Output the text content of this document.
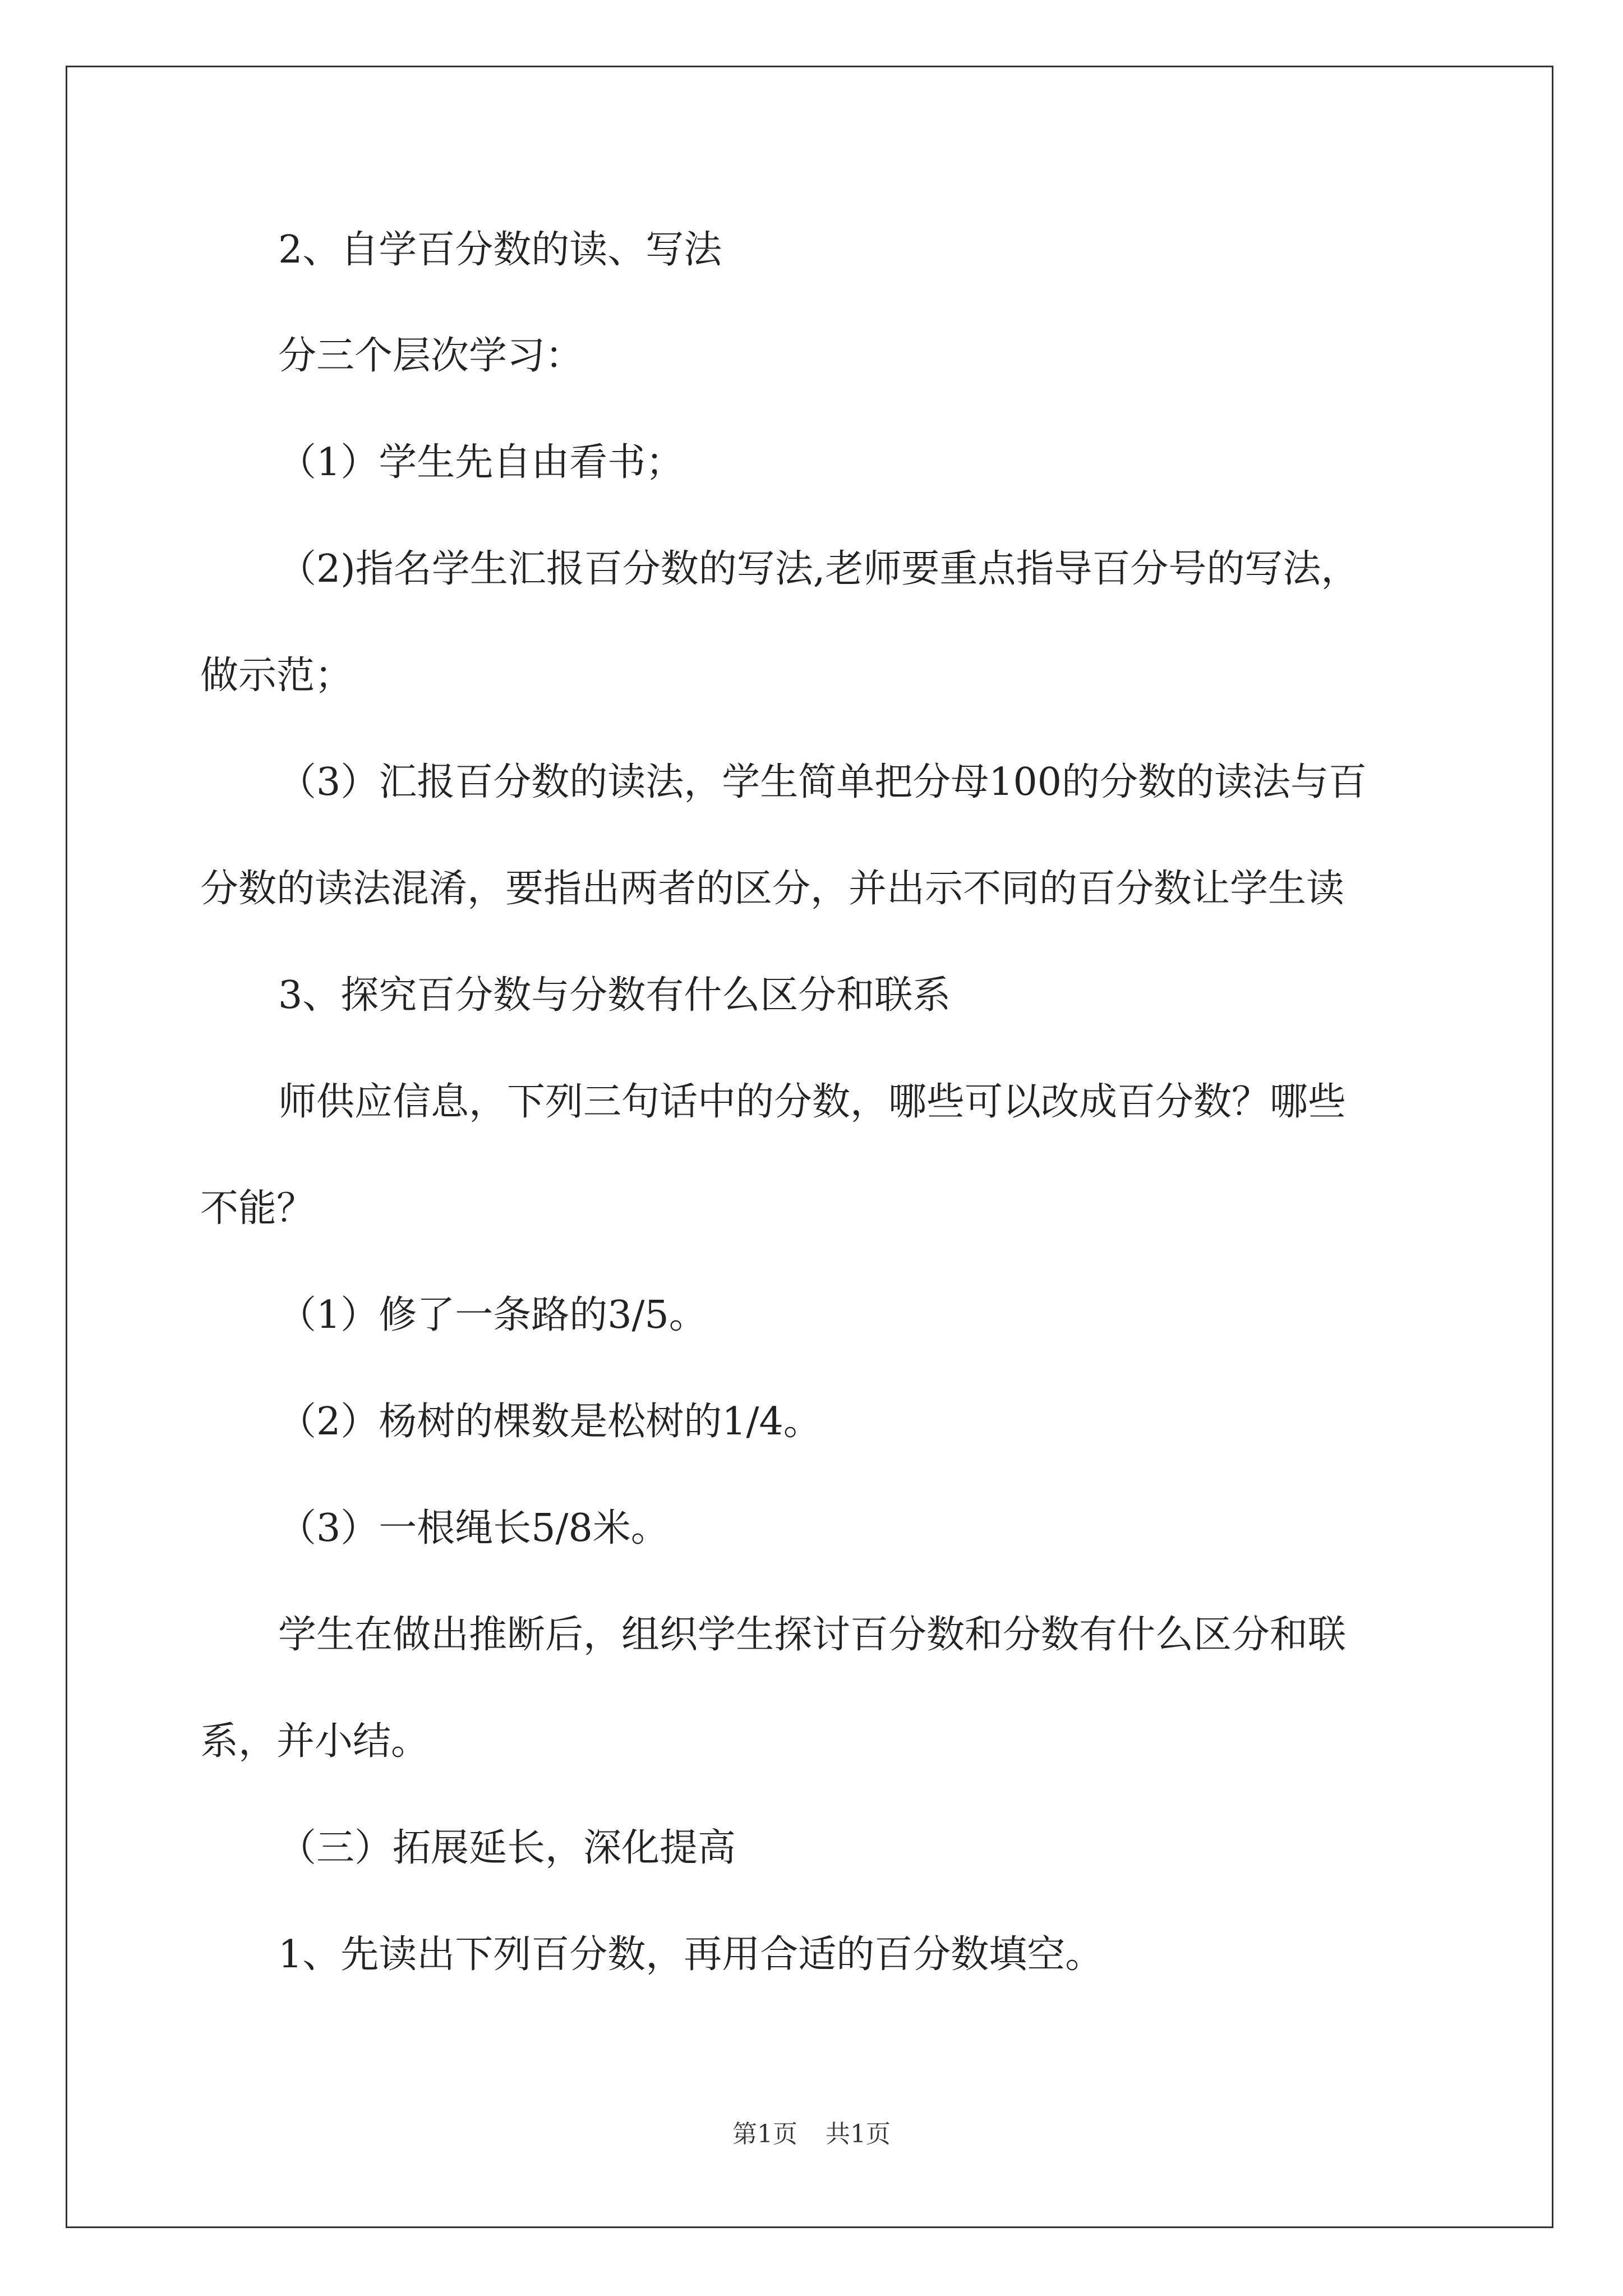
2、自学百分数的读、写法
分三个层次学习：
（1）学生先自由看书；
（2)指名学生汇报百分数的写法,老师要重点指导百分号的写法，
做示范；
（3）汇报百分数的读法，学生简单把分母100的分数的读法与百
分数的读法混淆，要指出两者的区分，并出示不同的百分数让学生读
3、探究百分数与分数有什么区分和联系
师供应信息，下列三句话中的分数，哪些可以改成百分数？哪些
不能？
（1）修了一条路的3/5。
（2）杨树的棵数是松树的1/4。
（3）一根绳长5/8米。
学生在做出推断后，组织学生探讨百分数和分数有什么区分和联
系，并小结。
（三）拓展延长，深化提高
1、先读出下列百分数，再用合适的百分数填空。
第1页 共1页
